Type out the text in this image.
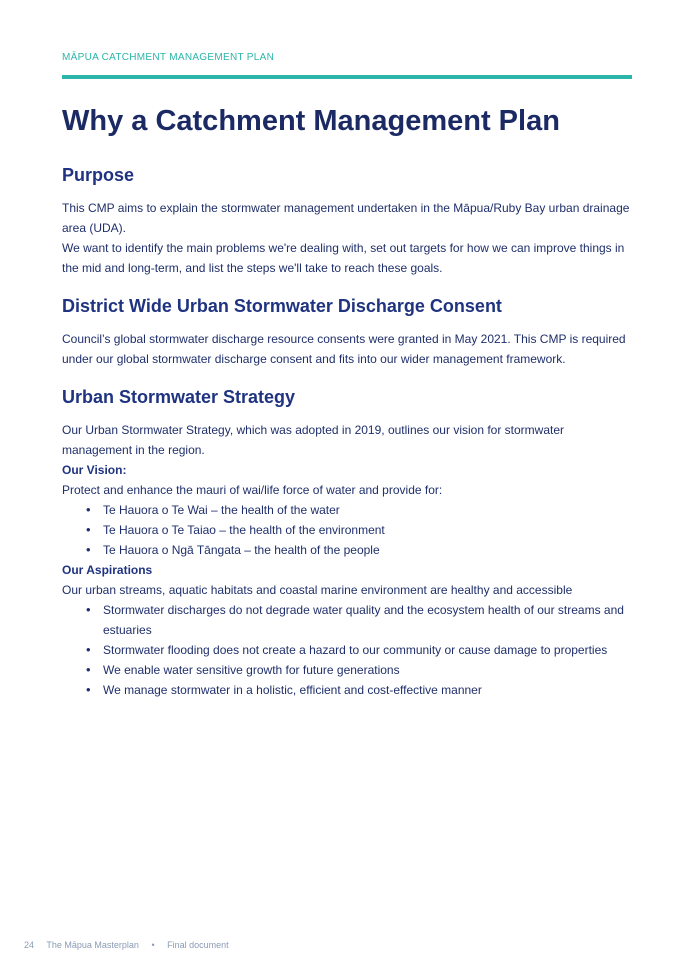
MĀPUA CATCHMENT MANAGEMENT PLAN
Why a Catchment Management Plan
Purpose

This CMP aims to explain the stormwater management undertaken in the Māpua/Ruby Bay urban drainage area (UDA).

We want to identify the main problems we're dealing with, set out targets for how we can improve things in the mid and long-term, and list the steps we'll take to reach these goals.

District Wide Urban Stormwater Discharge Consent

Council’s global stormwater discharge resource consents were granted in May 2021. This CMP is required under our global stormwater discharge consent and fits into our wider management framework.

Urban Stormwater Strategy

Our Urban Stormwater Strategy, which was adopted in 2019, outlines our vision for stormwater management in the region.

Our Vision:

Protect and enhance the mauri of wai/life force of water and provide for:

• Te Hauora o Te Wai – the health of the water
• Te Hauora o Te Taiao – the health of the environment
• Te Hauora o Ngā Tāngata – the health of the people
Our Aspirations

Our urban streams, aquatic habitats and coastal marine environment are healthy and accessible

• Stormwater discharges do not degrade water quality and the ecosystem health of our streams and estuaries
• Stormwater flooding does not create a hazard to our community or cause damage to properties
• We enable water sensitive growth for future generations
• We manage stormwater in a holistic, efficient and cost-effective manner
24 The Māpua Masterplan • Final document
